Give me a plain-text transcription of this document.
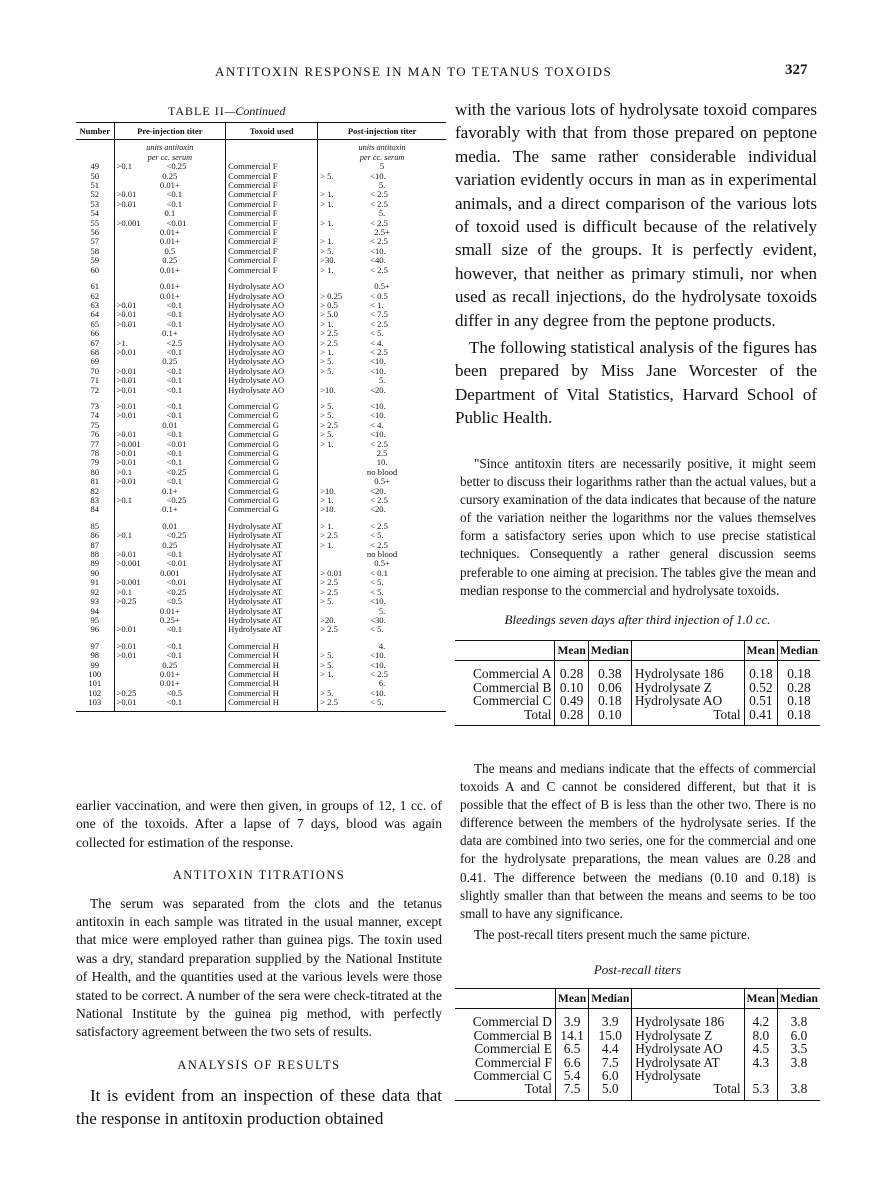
ANTITOXIN RESPONSE IN MAN TO TETANUS TOXOIDS	327
TABLE II—Continued
Number	Pre-injection titer	Toxoid used	Post-injection titer
	units antitoxin
per cc. serum		units antitoxin
per cc. serum
49	>0.1 <0.25	Commercial F	5

50	0.25	Commercial F	> 5. <10.
51	0.01+	Commercial F	5.

52	>0.01 <0.1	Commercial F	> 1. < 2.5
53	>0.01 <0.1	Commercial F	> 1. < 2.5
54	0.1	Commercial F	5.

55	>0.001 <0.01	Commercial F	> 1. < 2.5
56	0.01+	Commercial F	2.5+

57	0.01+	Commercial F	> 1. < 2.5
58	0.5	Commercial F	> 5. <10.
59	0.25	Commercial F	>30. <40.
60	0.01+	Commercial F	> 1. < 2.5

61	0.01+	Hydrolysate AO	0.5+

62	0.01+	Hydrolysate AO	> 0.25 < 0.5
63	>0.01 <0.1	Hydrolysate AO	> 0.5 < 1.
64	>0.01 <0.1	Hydrolysate AO	> 5.0 < 7.5
65	>0.01 <0.1	Hydrolysate AO	> 1. < 2.5
66	0.1+	Hydrolysate AO	> 2.5 < 5.
67	>1. <2.5	Hydrolysate AO	> 2.5 < 4.
68	>0.01 <0.1	Hydrolysate AO	> 1. < 2.5
69	0.25	Hydrolysate AO	> 5. <10.
70	>0.01 <0.1	Hydrolysate AO	> 5. <10.
71	>0.01 <0.1	Hydrolysate AO	5.

72	>0.01 <0.1	Hydrolysate AO	>10. <20.

73	>0.01 <0.1	Commercial G	> 5. <10.
74	>0.01 <0.1	Commercial G	> 5. <10.
75	0.01	Commercial G	> 2.5 < 4.
76	>0.01 <0.1	Commercial G	> 5. <10.
77	>0.001 <0.01	Commercial G	> 1. < 2.5
78	>0.01 <0.1	Commercial G	2.5

79	>0.01 <0.1	Commercial G	10.

80	>0.1 <0.25	Commercial G	no blood

81	>0.01 <0.1	Commercial G	0.5+

82	0.1+	Commercial G	>10. <20.
83	>0.1 <0.25	Commercial G	> 1. < 2.5
84	0.1+	Commercial G	>10. <20.

85	0.01	Hydrolysate AT	> 1. < 2.5
86	>0.1 <0.25	Hydrolysate AT	> 2.5 < 5.
87	0.25	Hydrolysate AT	> 1. < 2.5
88	>0.01 <0.1	Hydrolysate AT	no blood

89	>0.001 <0.01	Hydrolysate AT	0.5+

90	0.001	Hydrolysate AT	> 0.01 < 0.1
91	>0.001 <0.01	Hydrolysate AT	> 2.5 < 5.
92	>0.1 <0.25	Hydrolysate AT	> 2.5 < 5.
93	>0.25 <0.5	Hydrolysate AT	> 5. <10.
94	0.01+	Hydrolysate AT	5.

95	0.25+	Hydrolysate AT	>20. <30.
96	>0.01 <0.1	Hydrolysate AT	> 2.5 < 5.

97	>0.01 <0.1	Commercial H	4.

98	>0.01 <0.1	Commercial H	> 5. <10.
99	0.25	Commercial H	> 5. <10.
100	0.01+	Commercial H	> 1. < 2.5
101	0.01+	Commercial H	6.

102	>0.25 <0.5	Commercial H	> 5. <10.
103	>0.01 <0.1	Commercial H	> 2.5 < 5.

earlier vaccination, and were then given, in groups of 12, 1 cc. of one of the toxoids. After a lapse of 7 days, blood was again collected for estimation of the response.

ANTITOXIN TITRATIONS

The serum was separated from the clots and the tetanus antitoxin in each sample was titrated in the usual manner, except that mice were employed rather than guinea pigs. The toxin used was a dry, standard preparation supplied by the National Institute of Health, and the quantities used at the various levels were those stated to be correct. A number of the sera were check-titrated at the National Institute by the guinea pig method, with perfectly satisfactory agreement between the two sets of results.

ANALYSIS OF RESULTS

It is evident from an inspection of these data that the response in antitoxin production obtained

with the various lots of hydrolysate toxoid compares favorably with that from those prepared on peptone media. The same rather considerable individual variation evidently occurs in man as in experimental animals, and a direct comparison of the various lots of toxoid used is difficult because of the relatively small size of the groups. It is perfectly evident, however, that neither as primary stimuli, nor when used as recall injections, do the hydrolysate toxoids differ in any degree from the peptone products.

The following statistical analysis of the figures has been prepared by Miss Jane Worcester of the Department of Vital Statistics, Harvard School of Public Health.

"Since antitoxin titers are necessarily positive, it might seem better to discuss their logarithms rather than the actual values, but a cursory examination of the data indicates that because of the nature of the variation neither the logarithms nor the values themselves form a satisfactory series upon which to use precise statistical techniques. Consequently a rather general discussion seems preferable to one aiming at precision. The tables give the mean and median response to the commercial and hydrolysate toxoids.

Bleedings seven days after third injection of 1.0 cc.
	Mean	Median		Mean	Median
Commercial A	0.28	0.38	Hydrolysate 186	0.18	0.18
Commercial B	0.10	0.06	Hydrolysate Z	0.52	0.28
Commercial C	0.49	0.18	Hydrolysate AO	0.51	0.18
Total	0.28	0.10	Total	0.41	0.18

The means and medians indicate that the effects of commercial toxoids A and C cannot be considered different, but that it is possible that the effect of B is less than the other two. There is no difference between the members of the hydrolysate series. If the data are combined into two series, one for the commercial and one for the hydrolysate preparations, the mean values are 0.28 and 0.41. The difference between the medians (0.10 and 0.18) is slightly smaller than that between the means and seems to be too small to have any significance.

The post-recall titers present much the same picture.

Post-recall titers
	Mean	Median		Mean	Median
Commercial D	3.9	3.9	Hydrolysate 186	4.2	3.8
Commercial B	14.1	15.0	Hydrolysate Z	8.0	6.0
Commercial E	6.5	4.4	Hydrolysate AO	4.5	3.5
Commercial F	6.6	7.5	Hydrolysate AT	4.3	3.8
Commercial C	5.4	6.0	Hydrolysate		
Total	7.5	5.0	Total	5.3	3.8
